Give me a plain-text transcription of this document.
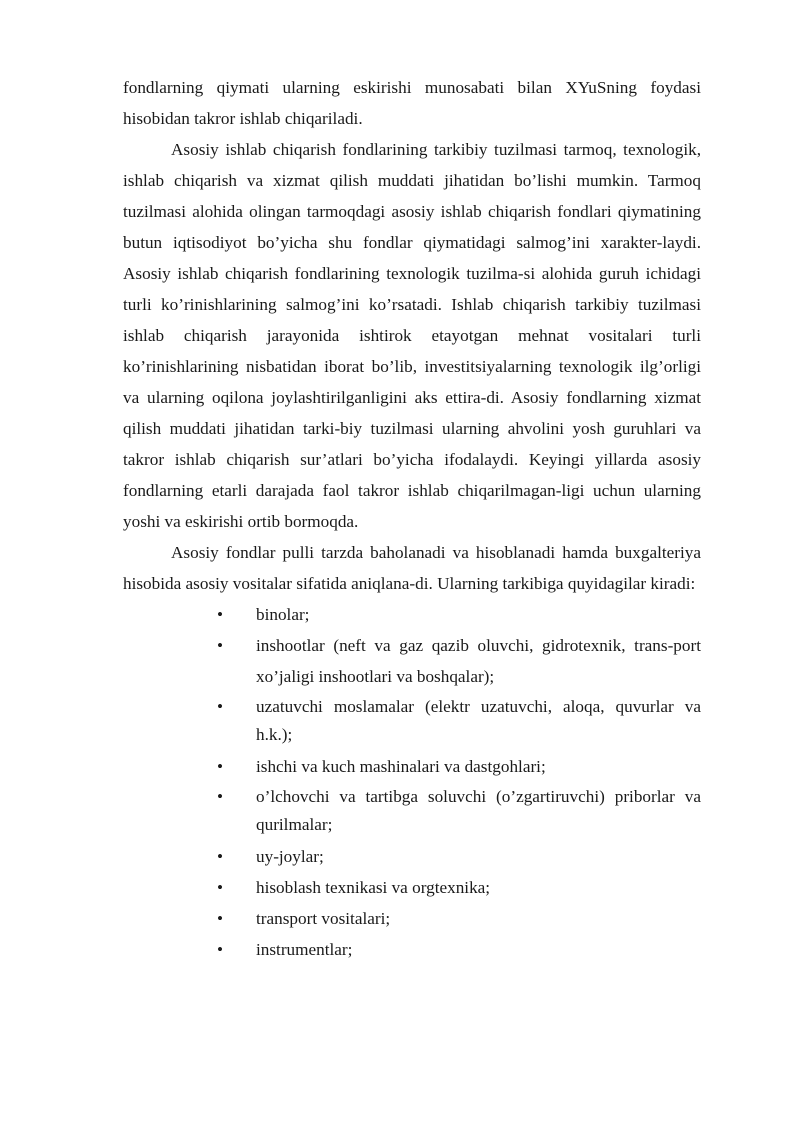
fondlarning qiymati ularning eskirishi munosabati bilan XYuSning foydasi hisobidan takror ishlab chiqariladi.

Asosiy ishlab chiqarish fondlarining tarkibiy tuzilmasi tarmoq, texnologik, ishlab chiqarish va xizmat qilish muddati jihatidan bo’lishi mumkin. Tarmoq tuzilmasi alohida olingan tarmoqdagi asosiy ishlab chiqarish fondlari qiymatining butun iqtisodiyot bo’yicha shu fondlar qiymatidagi salmog’ini xarakter-laydi. Asosiy ishlab chiqarish fondlarining texnologik tuzilma-si alohida guruh ichidagi turli ko’rinishlarining salmog’ini ko’rsatadi. Ishlab chiqarish tarkibiy tuzilmasi ishlab chiqarish jarayonida ishtirok etayotgan mehnat vositalari turli ko’rinishlarining nisbatidan iborat bo’lib, investitsiyalarning texnologik ilg’orligi va ularning oqilona joylashtirilganligini aks ettira-di. Asosiy fondlarning xizmat qilish muddati jihatidan tarki-biy tuzilmasi ularning ahvolini yosh guruhlari va takror ishlab chiqarish sur’atlari bo’yicha ifodalaydi. Keyingi yillarda asosiy fondlarning etarli darajada faol takror ishlab chiqarilmagan-ligi uchun ularning yoshi va eskirishi ortib bormoqda.

Asosiy fondlar pulli tarzda baholanadi va hisoblanadi hamda buxgalteriya hisobida asosiy vositalar sifatida aniqlana-di. Ularning tarkibiga quyidagilar kiradi:

• binolar;
• inshootlar (neft va gaz qazib oluvchi, gidrotexnik, trans-port xo’jaligi inshootlari va boshqalar);
• uzatuvchi moslamalar (elektr uzatuvchi, aloqa, quvurlar va h.k.);
• ishchi va kuch mashinalari va dastgohlari;
• o’lchovchi va tartibga soluvchi (o’zgartiruvchi) priborlar va qurilmalar;
• uy-joylar;
• hisoblash texnikasi va orgtexnika;
• transport vositalari;
• instrumentlar;
